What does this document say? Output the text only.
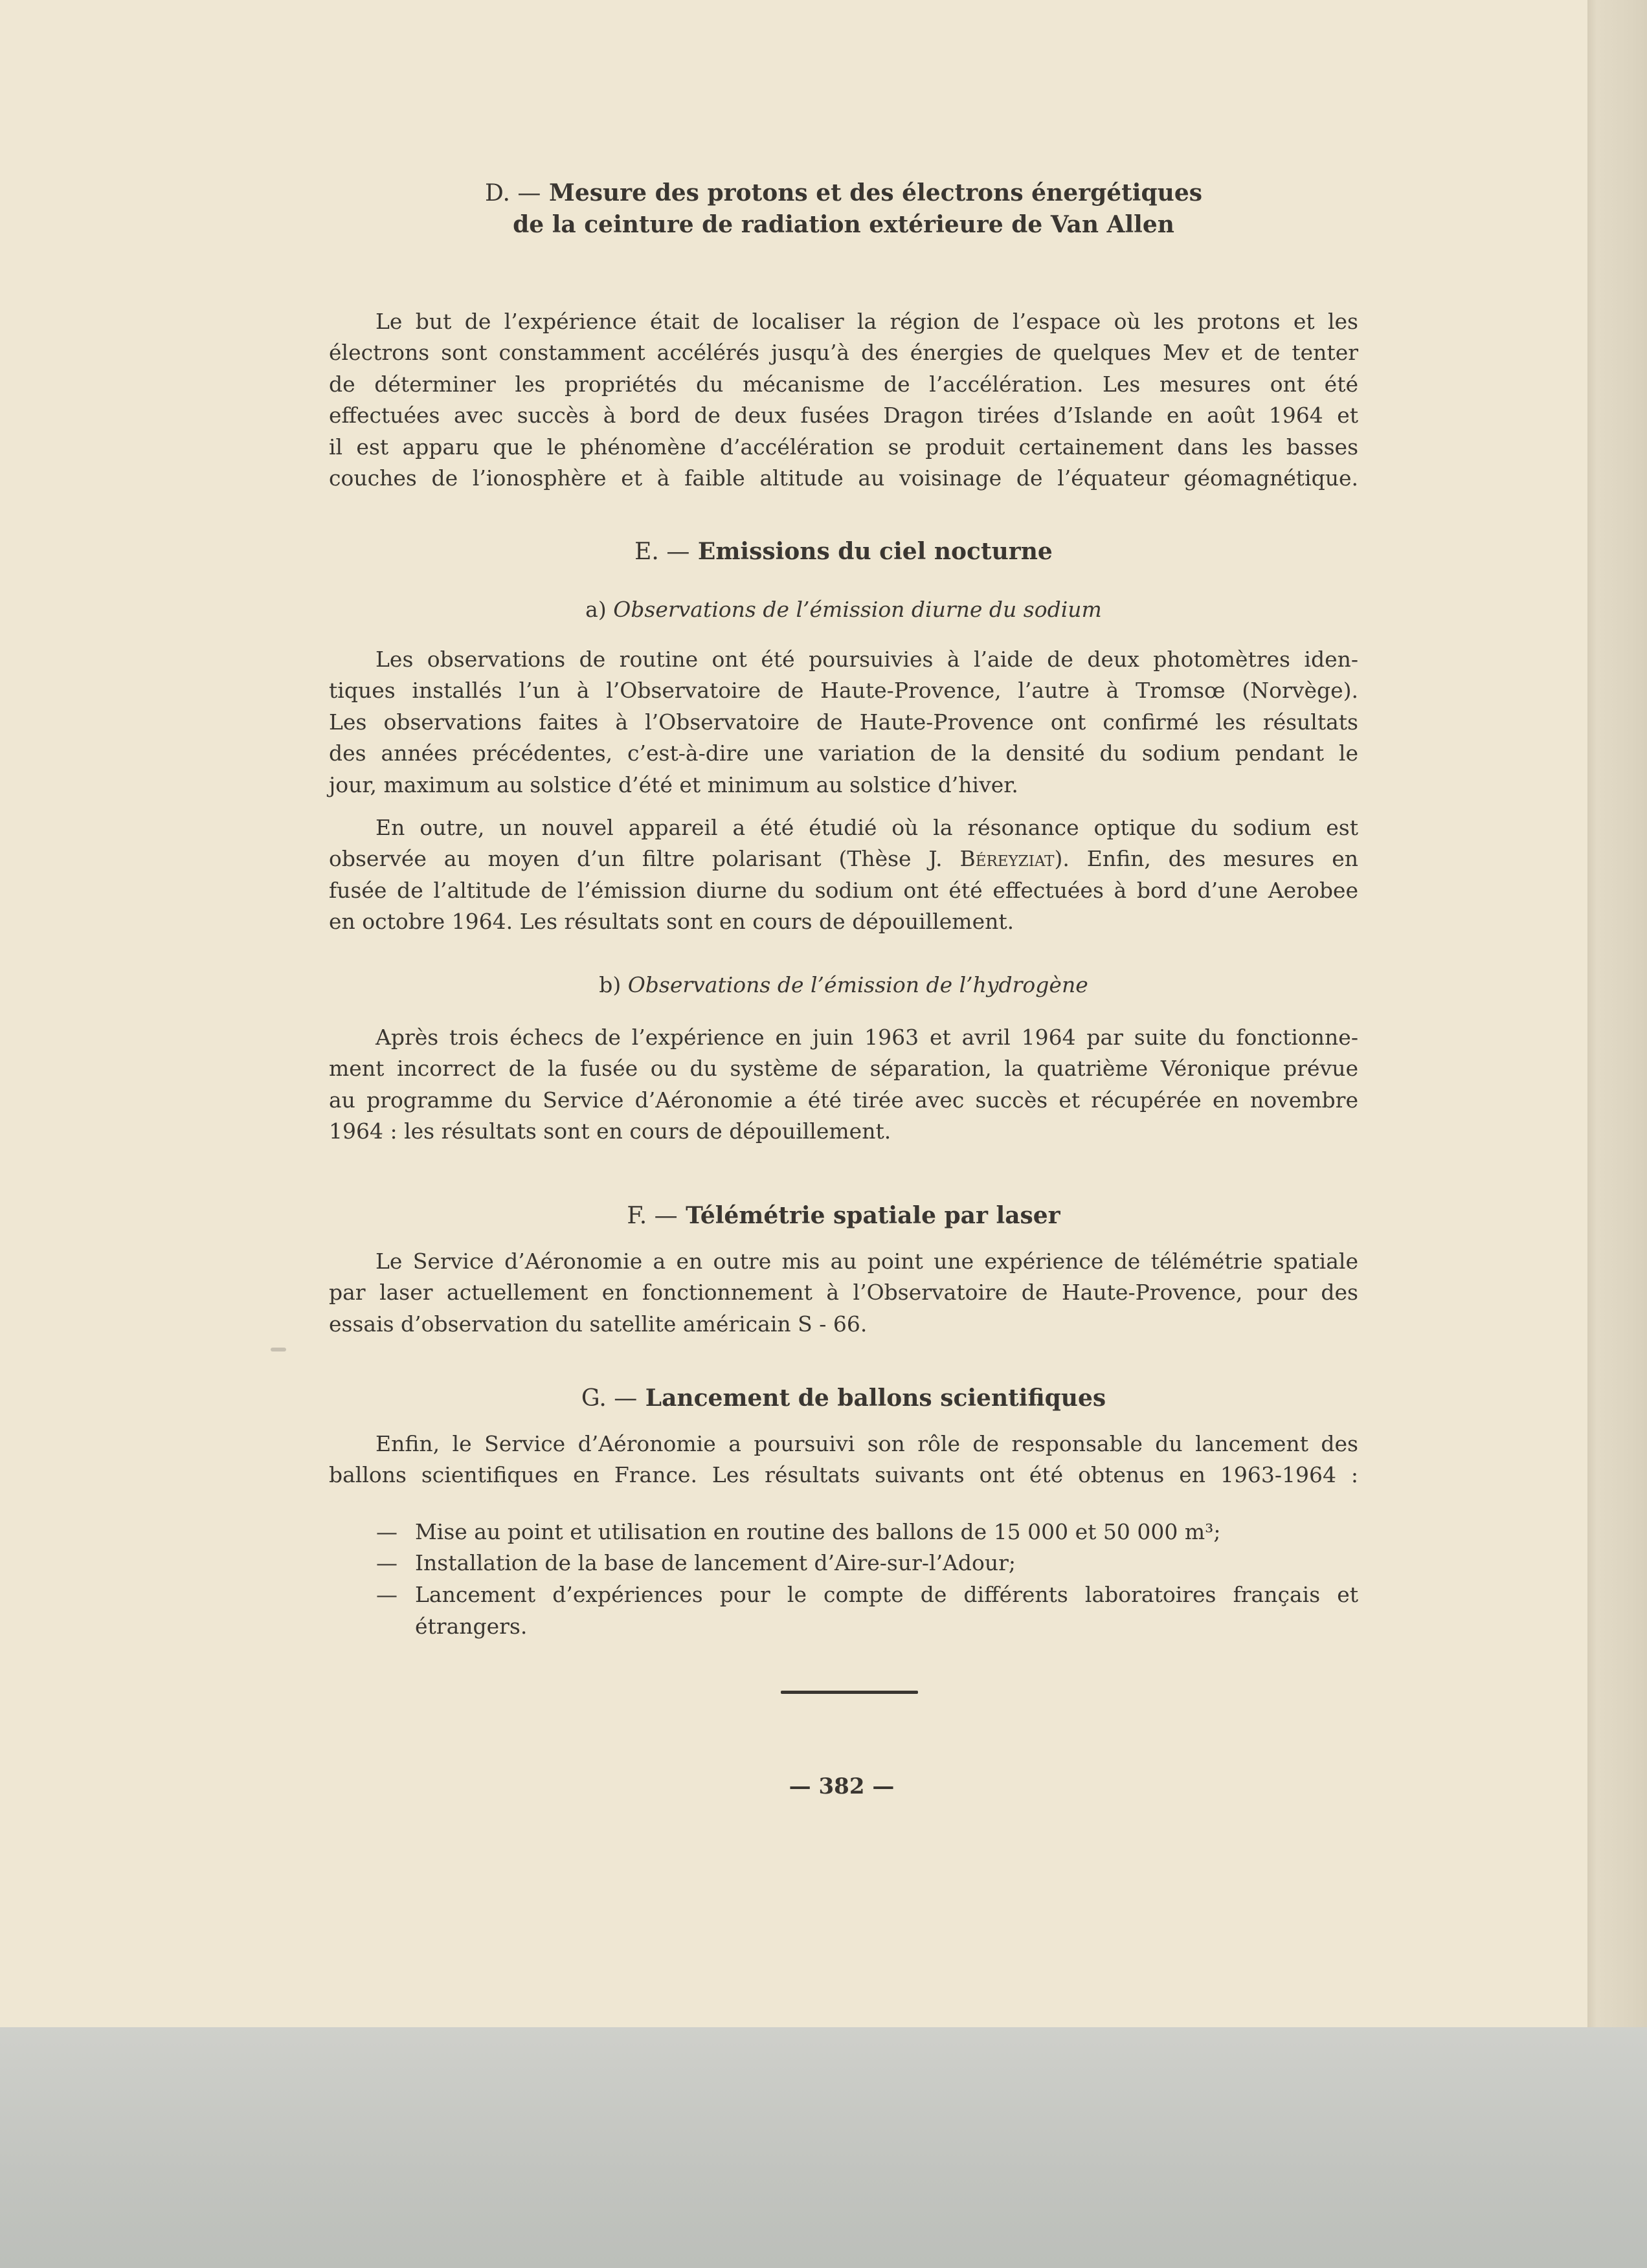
D. — Mesure des protons et des électrons énergétiques
de la ceinture de radiation extérieure de Van Allen
Le but de l’expérience était de localiser la région de l’espace où les protons et les
électrons sont constamment accélérés jusqu’à des énergies de quelques Mev et de tenter
de déterminer les propriétés du mécanisme de l’accélération. Les mesures ont été
effectuées avec succès à bord de deux fusées Dragon tirées d’Islande en août 1964 et
il est apparu que le phénomène d’accélération se produit certainement dans les basses
couches de l’ionosphère et à faible altitude au voisinage de l’équateur géomagnétique.
E. — Emissions du ciel nocturne
a) Observations de l’émission diurne du sodium
Les observations de routine ont été poursuivies à l’aide de deux photomètres iden-
tiques installés l’un à l’Observatoire de Haute-Provence, l’autre à Tromsœ (Norvège).
Les observations faites à l’Observatoire de Haute-Provence ont confirmé les résultats
des années précédentes, c’est-à-dire une variation de la densité du sodium pendant le
jour, maximum au solstice d’été et minimum au solstice d’hiver.
En outre, un nouvel appareil a été étudié où la résonance optique du sodium est
observée au moyen d’un filtre polarisant (Thèse J. Béreyziat). Enfin, des mesures en
fusée de l’altitude de l’émission diurne du sodium ont été effectuées à bord d’une Aerobee
en octobre 1964. Les résultats sont en cours de dépouillement.
b) Observations de l’émission de l’hydrogène
Après trois échecs de l’expérience en juin 1963 et avril 1964 par suite du fonctionne-
ment incorrect de la fusée ou du système de séparation, la quatrième Véronique prévue
au programme du Service d’Aéronomie a été tirée avec succès et récupérée en novembre
1964 : les résultats sont en cours de dépouillement.
F. — Télémétrie spatiale par laser
Le Service d’Aéronomie a en outre mis au point une expérience de télémétrie spatiale
par laser actuellement en fonctionnement à l’Observatoire de Haute-Provence, pour des
essais d’observation du satellite américain S - 66.
G. — Lancement de ballons scientifiques
Enfin, le Service d’Aéronomie a poursuivi son rôle de responsable du lancement des
ballons scientifiques en France. Les résultats suivants ont été obtenus en 1963-1964 :
— Mise au point et utilisation en routine des ballons de 15 000 et 50 000 m³;
— Installation de la base de lancement d’Aire-sur-l’Adour;
— Lancement d’expériences pour le compte de différents laboratoires français et
étrangers.
— 382 —
